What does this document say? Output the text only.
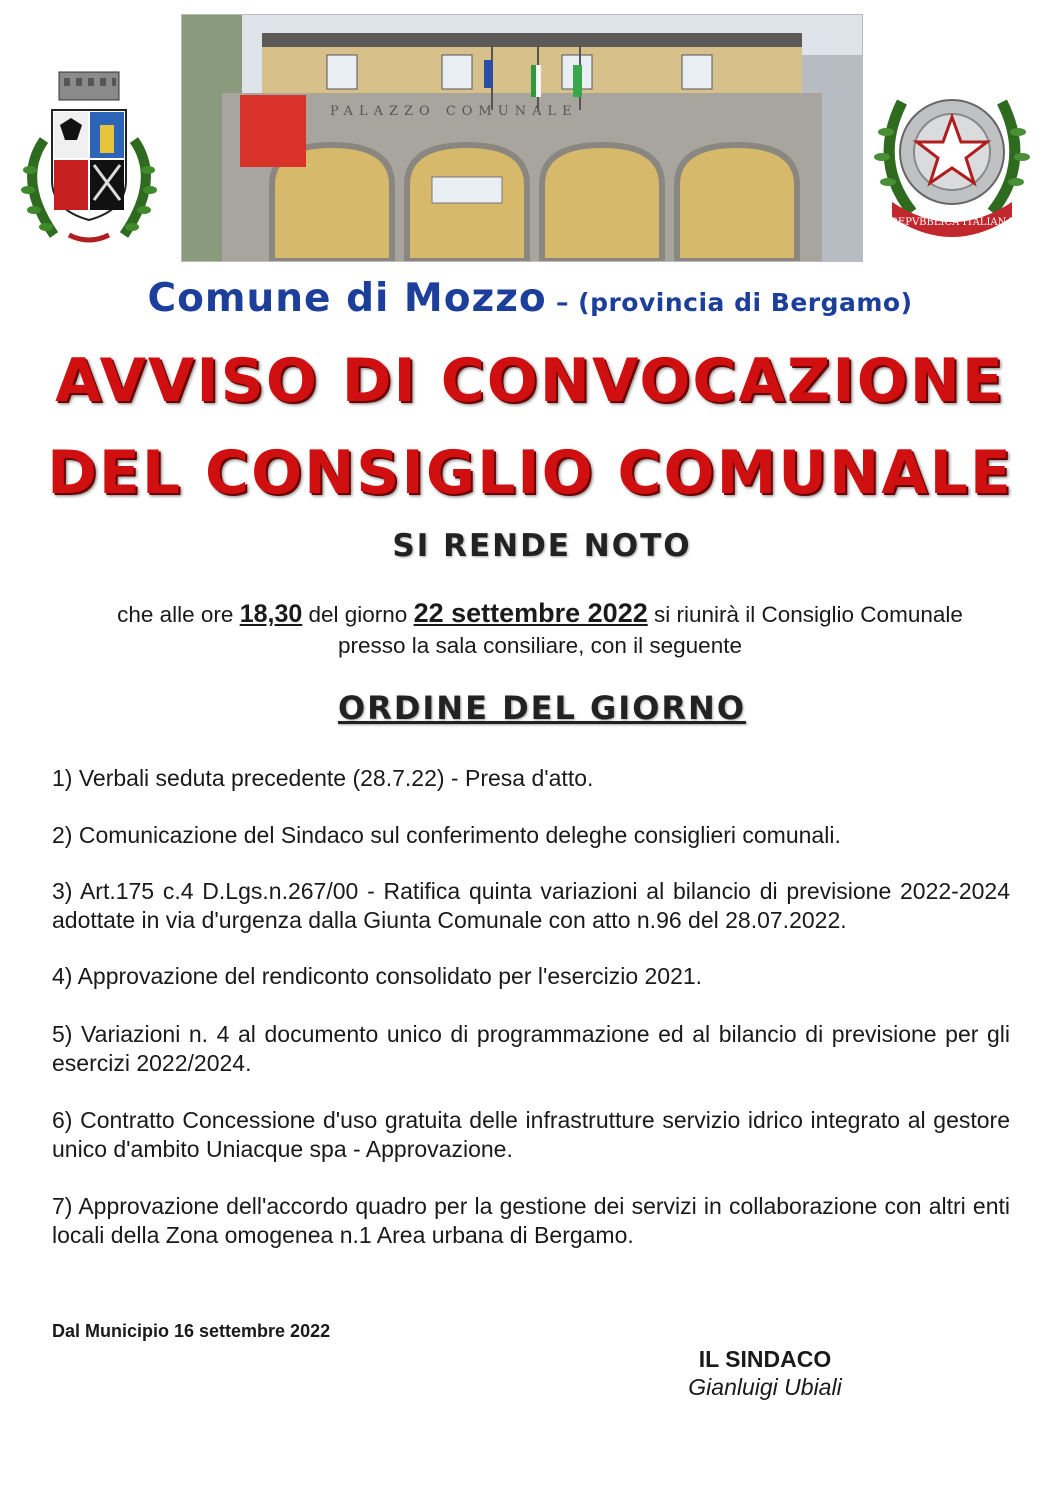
PALAZZO COMUNALE
REPVBBLICA ITALIANA
Comune di Mozzo – (provincia di Bergamo)
AVVISO DI CONVOCAZIONE
DEL CONSIGLIO COMUNALE
SI RENDE NOTO
che alle ore 18,30 del giorno 22 settembre 2022 si riunirà il Consiglio Comunale
presso la sala consiliare, con il seguente
ORDINE DEL GIORNO
1) Verbali seduta precedente (28.7.22) - Presa d'atto.
2) Comunicazione del Sindaco sul conferimento deleghe consiglieri comunali.
3) Art.175 c.4 D.Lgs.n.267/00 - Ratifica quinta variazioni al bilancio di previsione 2022-2024 adottate in via d'urgenza dalla Giunta Comunale con atto n.96 del 28.07.2022.
4) Approvazione del rendiconto consolidato per l'esercizio 2021.
5) Variazioni n. 4 al documento unico di programmazione ed al bilancio di previsione per gli esercizi 2022/2024.
6) Contratto Concessione d'uso gratuita delle infrastrutture servizio idrico integrato al gestore unico d'ambito Uniacque spa - Approvazione.
7) Approvazione dell'accordo quadro per la gestione dei servizi in collaborazione con altri enti locali della Zona omogenea n.1 Area urbana di Bergamo.
Dal Municipio 16 settembre 2022
IL SINDACO
Gianluigi Ubiali
